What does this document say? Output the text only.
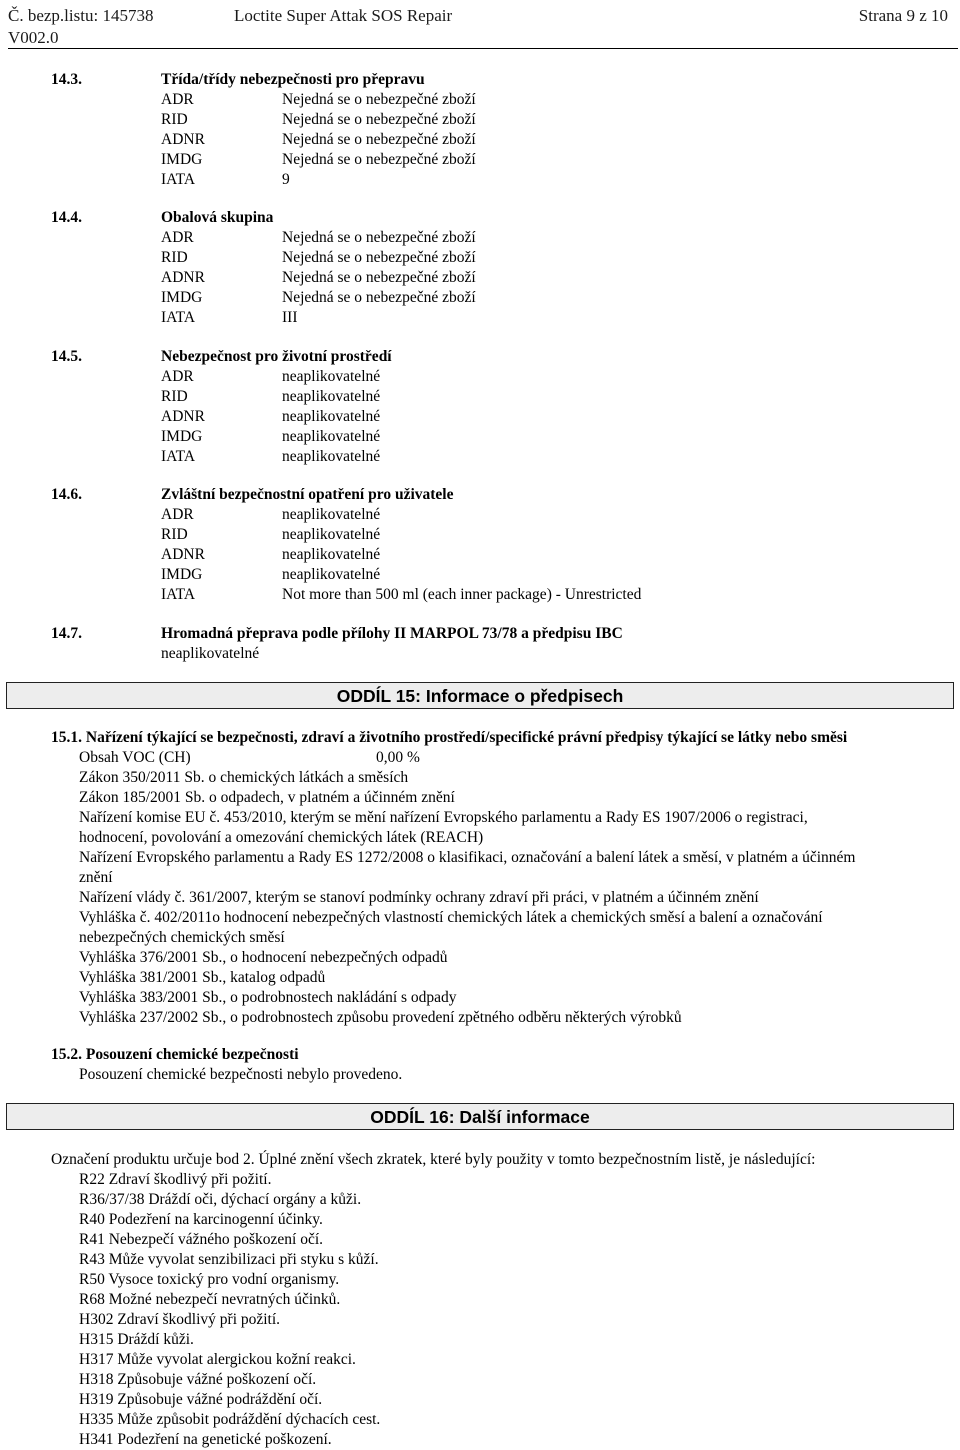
Č. bezp.listu: 145738	Loctite Super Attak SOS Repair	Strana 9 z 10
V002.0
14.3.	Třída/třídy nebezpečnosti pro přepravu
ADR	Nejedná se o nebezpečné zboží
RID	Nejedná se o nebezpečné zboží
ADNR	Nejedná se o nebezpečné zboží
IMDG	Nejedná se o nebezpečné zboží
IATA	9
14.4.	Obalová skupina
ADR	Nejedná se o nebezpečné zboží
RID	Nejedná se o nebezpečné zboží
ADNR	Nejedná se o nebezpečné zboží
IMDG	Nejedná se o nebezpečné zboží
IATA	III
14.5.	Nebezpečnost pro životní prostředí
ADR	neaplikovatelné
RID	neaplikovatelné
ADNR	neaplikovatelné
IMDG	neaplikovatelné
IATA	neaplikovatelné
14.6.	Zvláštní bezpečnostní opatření pro uživatele
ADR	neaplikovatelné
RID	neaplikovatelné
ADNR	neaplikovatelné
IMDG	neaplikovatelné
IATA	Not more than 500 ml (each inner package) - Unrestricted
14.7.	Hromadná přeprava podle přílohy II MARPOL 73/78 a předpisu IBC
neaplikovatelné
ODDÍL 15: Informace o předpisech
15.1. Nařízení týkající se bezpečnosti, zdraví a životního prostředí/specifické právní předpisy týkající se látky nebo směsi
Obsah VOC (CH)	0,00 %
Zákon 350/2011 Sb. o chemických látkách a směsích
Zákon 185/2001 Sb. o odpadech, v platném a účinném znění
Nařízení komise EU č. 453/2010, kterým se mění nařízení Evropského parlamentu a Rady ES 1907/2006 o registraci,
hodnocení, povolování a omezování chemických látek (REACH)
Nařízení Evropského parlamentu a Rady ES 1272/2008 o klasifikaci, označování a balení látek a směsí, v platném a účinném
znění
Nařízení vlády č. 361/2007, kterým se stanoví podmínky ochrany zdraví při práci, v platném a účinném znění
Vyhláška č. 402/2011o hodnocení nebezpečných vlastností chemických látek a chemických směsí a balení a označování
nebezpečných chemických směsí
Vyhláška 376/2001 Sb., o hodnocení nebezpečných odpadů
Vyhláška 381/2001 Sb., katalog odpadů
Vyhláška 383/2001 Sb., o podrobnostech nakládání s odpady
Vyhláška 237/2002 Sb., o podrobnostech způsobu provedení zpětného odběru některých výrobků
15.2. Posouzení chemické bezpečnosti
Posouzení chemické bezpečnosti nebylo provedeno.
ODDÍL 16: Další informace
Označení produktu určuje bod 2. Úplné znění všech zkratek, které byly použity v tomto bezpečnostním listě, je následující:
R22 Zdraví škodlivý při požití.
R36/37/38 Dráždí oči, dýchací orgány a kůži.
R40 Podezření na karcinogenní účinky.
R41 Nebezpečí vážného poškození očí.
R43 Může vyvolat senzibilizaci při styku s kůží.
R50 Vysoce toxický pro vodní organismy.
R68 Možné nebezpečí nevratných účinků.
H302 Zdraví škodlivý při požití.
H315 Dráždí kůži.
H317 Může vyvolat alergickou kožní reakci.
H318 Způsobuje vážné poškození očí.
H319 Způsobuje vážné podráždění očí.
H335 Může způsobit podráždění dýchacích cest.
H341 Podezření na genetické poškození.
